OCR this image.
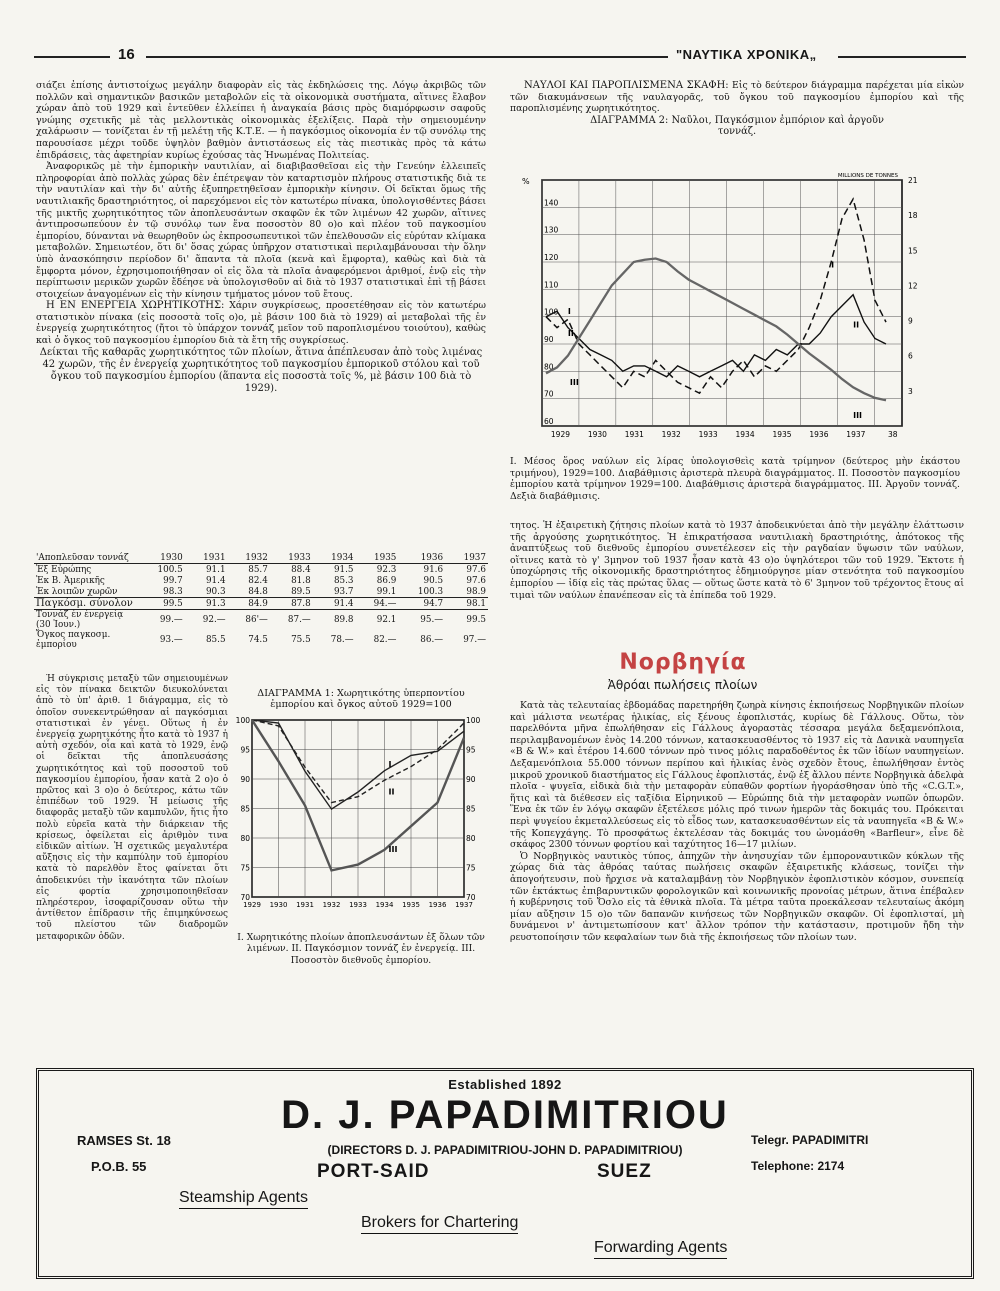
16	"ΝΑΥΤΙΚΑ ΧΡΟΝΙΚΑ„

σιάζει ἐπίσης ἀντιστοίχως μεγάλην διαφορὰν εἰς τὰς ἐκδηλώσεις της. Λόγῳ ἀκριβῶς τῶν πολλῶν καὶ σημαντικῶν βασικῶν μεταβολῶν εἰς τὰ οἰκονομικὰ συστήματα, αἵτινες ἔλαβον χώραν ἀπὸ τοῦ 1929 καὶ ἐντεῦθεν ἐλλείπει ἡ ἀναγκαία βάσις πρὸς διαμόρφωσιν σαφοῦς γνώμης σχετικῆς μὲ τὰς μελλοντικὰς οἰκονομικὰς ἐξελίξεις. Παρὰ τὴν σημειουμένην χαλάρωσιν — τονίζεται ἐν τῇ μελέτῃ τῆς Κ.Τ.Ε. — ἡ παγκόσμιος οἰκονομία ἐν τῷ συνόλῳ της παρουσίασε μέχρι τοῦδε ὑψηλὸν βαθμὸν ἀντιστάσεως εἰς τὰς πιεστικὰς πρὸς τὰ κάτω ἐπιδράσεις, τὰς ἀφετηρίαν κυρίως ἐχούσας τὰς Ἡνωμένας Πολιτείας.

Ἀναφορικῶς μὲ τὴν ἐμπορικὴν ναυτιλίαν, αἱ διαβιβασθεῖσαι εἰς τὴν Γενεύην ἐλλειπεῖς πληροφορίαι ἀπὸ πολλὰς χώρας δὲν ἐπέτρεψαν τὸν καταρτισμὸν πλήρους στατιστικῆς διὰ τε τὴν ναυτιλίαν καὶ τὴν δι' αὐτῆς ἐξυπηρετηθεῖσαν ἐμπορικὴν κίνησιν. Οἱ δεῖκται ὅμως τῆς ναυτιλιακῆς δραστηριότητος, οἱ παρεχόμενοι εἰς τὸν κατωτέρω πίνακα, ὑπολογισθέντες βάσει τῆς μικτῆς χωρητικότητος τῶν ἀποπλευσάντων σκαφῶν ἐκ τῶν λιμένων 42 χωρῶν, αἵτινες ἀντιπροσωπεύουν ἐν τῷ συνόλῳ των ἕνα ποσοστὸν 80 ο)ο καὶ πλέον τοῦ παγκοσμίου ἐμπορίου, δύνανται νὰ θεωρηθοῦν ὡς ἐκπροσωπευτικοὶ τῶν ἐπελθουσῶν εἰς εὐρύταν κλίμακα μεταβολῶν. Σημειωτέον, ὅτι δι' ὅσας χώρας ὑπῆρχον στατιστικαὶ περιλαμβάνουσαι τὴν ὅλην ὑπὸ ἀνασκόπησιν περίοδον δι' ἅπαντα τὰ πλοῖα (κενὰ καὶ ἔμφορτα), καθὼς καὶ διὰ τὰ ἔμφορτα μόνον, ἐχρησιμοποιήθησαν οἱ εἰς ὅλα τὰ πλοῖα ἀναφερόμενοι ἀριθμοί, ἐνῷ εἰς τὴν περίπτωσιν μερικῶν χωρῶν ἔδέησε νὰ ὑπολογισθοῦν αἱ διὰ τὸ 1937 στατιστικαὶ ἐπὶ τῇ βάσει στοιχείων ἀναγομένων εἰς τὴν κίνησιν τμήματος μόνον τοῦ ἔτους.

Η ΕΝ ΕΝΕΡΓΕΙΑ ΧΩΡΗΤΙΚΟΤΗΣ: Χάριν συγκρίσεως, προσετέθησαν εἰς τὸν κατωτέρω στατιστικὸν πίνακα (εἰς ποσοστὰ τοῖς ο)ο, μὲ βάσιν 100 διὰ τὸ 1929) αἱ μεταβολαὶ τῆς ἐν ἐνεργείᾳ χωρητικότητος (ἤτοι τὸ ὑπάρχον τοννάζ μεῖον τοῦ παροπλισμένου τοιούτου), καθὼς καὶ ὁ ὄγκος τοῦ παγκοσμίου ἐμπορίου διὰ τὰ ἔτη τῆς συγκρίσεως.

Δείκται τῆς καθαρᾶς χωρητικότητος τῶν πλοίων, ἅτινα ἀπέπλευσαν ἀπὸ τοὺς λιμένας 42 χωρῶν, τῆς ἐν ἐνεργείᾳ χωρητικότητος τοῦ παγκοσμίου ἐμπορικοῦ στόλου καὶ τοῦ ὄγκου τοῦ παγκοσμίου ἐμπορίου (ἅπαντα εἰς ποσοστὰ τοῖς %, μὲ βάσιν 100 διὰ τὸ 1929).

'Αποπλεῦσαν τοννάζ	1930	1931	1932	1933	1934	1935	1936	1937
Ἐξ Εὐρώπης	100.5	91.1	85.7	88.4	91.5	92.3	91.6	97.6
Ἐκ Β. Ἀμερικῆς	99.7	91.4	82.4	81.8	85.3	86.9	90.5	97.6
Ἐκ λοιπῶν χωρῶν	98.3	90.3	84.8	89.5	93.7	99.1	100.3	98.9
Παγκόσμ. σύνολον	99.5	91.3	84.9	87.8	91.4	94.—	94.7	98.1
Τοννάζ ἐν ἐνεργείᾳ (30 Ἰουν.)	99.—	92.—	86'—	87.—	89.8	92.1	95.—	99.5
Ὄγκος παγκοσμ. ἐμπορίου	93.—	85.5	74.5	75.5	78.—	82.—	86.—	97.—

Ἡ σύγκρισις μεταξὺ τῶν σημειουμένων εἰς τὸν πίνακα δεικτῶν διευκολύνεται ἀπὸ τὸ ὑπ' ἀριθ. 1 διάγραμμα, εἰς τὸ ὁποῖον συνεκεντρώθησαν αἱ παγκόσμιαι στατιστικαὶ ἐν γένει. Οὕτως ἡ ἐν ἐνεργείᾳ χωρητικότης ἦτο κατὰ τὸ 1937 ἡ αὐτὴ σχεδόν, οἷα καὶ κατὰ τὸ 1929, ἐνῷ οἱ δεῖκται τῆς ἀποπλευσάσης χωρητικότητος καὶ τοῦ ποσοστοῦ τοῦ παγκοσμίου ἐμπορίου, ἦσαν κατὰ 2 ο)ο ὁ πρῶτος καὶ 3 ο)ο ὁ δεύτερος, κάτω τῶν ἐπιπέδων τοῦ 1929. Ἡ μείωσις τῆς διαφορᾶς μεταξὺ τῶν καμπυλῶν, ἥτις ἦτο πολὺ εὐρεῖα κατὰ τὴν διάρκειαν τῆς κρίσεως, ὀφείλεται εἰς ἀριθμὸν τινα εἰδικῶν αἰτίων. Ἡ σχετικῶς μεγαλυτέρα αὔξησις εἰς τὴν καμπύλην τοῦ ἐμπορίου κατὰ τὸ παρελθὸν ἔτος φαίνεται ὅτι ἀποδεικνύει τὴν ἱκανότητα τῶν πλοίων εἰς φορτία χρησιμοποιηθεῖσαν πληρέστερον, ἰσοφαρίζουσαν οὕτω τὴν ἀντίθετον ἐπίδρασιν τῆς ἐπιμηκύνσεως τοῦ πλείστου τῶν διαδρομῶν μεταφορικῶν ὁδῶν.

ΔΙΑΓΡΑΜΜΑ 1: Χωρητικότης ὑπερποντίου ἐμπορίου καὶ ὄγκος αὐτοῦ 1929=100
70	70
75	75
80	80
85	85
90	90
95	95
100	100
1929 1930 1931 1932 1933 1934 1935 1936 1937
I
II
III
I. Χωρητικότης πλοίων ἀποπλευσάντων ἐξ ὅλων τῶν λιμένων. II. Παγκόσμιον τοννάζ ἐν ἐνεργείᾳ. III. Ποσοστὸν διεθνοῦς ἐμπορίου.

ΝΑΥΛΟΙ ΚΑΙ ΠΑΡΟΠΛΙΣΜΕΝΑ ΣΚΑΦΗ: Εἰς τὸ δεύτερον διάγραμμα παρέχεται μία εἰκὼν τῶν διακυμάνσεων τῆς ναυλαγορᾶς, τοῦ ὄγκου τοῦ παγκοσμίου ἐμπορίου καὶ τῆς παροπλισμένης χωρητικότητος.

ΔΙΑΓΡΑΜΜΑ 2: Ναῦλοι, Παγκόσμιον ἐμπόριον καὶ ἀργοῦν τοννάζ.

%
MILLIONS DE TONNES
60
70
80
90
100
110
120
130
140
3
6
9
12
15
18
21
1929 1930 1931 1932 1933 1934 1935 1936 1937	38
I
II
III
II
III
I

I. Μέσος ὅρος ναύλων εἰς λίρας ὑπολογισθεὶς κατὰ τρίμηνον (δεύτερος μὴν ἑκάστου τριμήνου), 1929=100. Διαβάθμισις ἀριστερὰ πλευρὰ διαγράμματος. II. Ποσοστὸν παγκοσμίου ἐμπορίου κατὰ τρίμηνον 1929=100. Διαβάθμισις ἀριστερὰ διαγράμματος. III. Ἀργοῦν τοννάζ. Δεξιὰ διαβάθμισις.

τητος. Ἡ ἐξαιρετικὴ ζήτησις πλοίων κατὰ τὸ 1937 ἀποδεικνύεται ἀπὸ τὴν μεγάλην ἐλάττωσιν τῆς ἀργούσης χωρητικότητος. Ἡ ἐπικρατήσασα ναυτιλιακὴ δραστηριότης, ἀπότοκος τῆς ἀναπτύξεως τοῦ διεθνοῦς ἐμπορίου συνετέλεσεν εἰς τὴν ραγδαίαν ὕψωσιν τῶν ναύλων, οἵτινες κατὰ τὸ γ' 3μηνον τοῦ 1937 ἦσαν κατὰ 43 ο)ο ὑψηλότεροι τῶν τοῦ 1929. Ἔκτοτε ἡ ὑποχώρησις τῆς οἰκονομικῆς δραστηριότητος ἐδημιούργησε μίαν στενότητα τοῦ παγκοσμίου ἐμπορίου — ἰδίᾳ εἰς τὰς πρώτας ὕλας — οὕτως ὥστε κατὰ τὸ 6' 3μηνον τοῦ τρέχοντος ἔτους αἱ τιμαὶ τῶν ναύλων ἐπανέπεσαν εἰς τὰ ἐπίπεδα τοῦ 1929.

Νορβηγία
Ἀθρόαι πωλήσεις πλοίων

Κατὰ τὰς τελευταίας ἑβδομάδας παρετηρήθη ζωηρὰ κίνησις ἐκποιήσεως Νορβηγικῶν πλοίων καὶ μάλιστα νεωτέρας ἡλικίας, εἰς ξένους ἐφοπλιστάς, κυρίως δὲ Γάλλους. Οὕτω, τὸν παρελθόντα μῆνα ἐπωλήθησαν εἰς Γάλλους ἀγοραστὰς τέσσαρα μεγάλα δεξαμενόπλοια, περιλαμβανομένων ἑνὸς 14.200 τόννων, κατασκευασθέντος τὸ 1937 εἰς τὰ Δανικὰ ναυπηγεῖα «B & W.» καὶ ἑτέρου 14.600 τόννων πρὸ τινος μόλις παραδοθέντος ἐκ τῶν ἰδίων ναυπηγείων. Δεξαμενόπλοια 55.000 τόννων περίπου καὶ ἡλικίας ἑνὸς σχεδὸν ἔτους, ἐπωλήθησαν ἐντὸς μικροῦ χρονικοῦ διαστήματος εἰς Γάλλους ἐφοπλιστάς, ἐνῷ ἐξ ἄλλου πέντε Νορβηγικὰ ἀδελφὰ πλοῖα - ψυγεῖα, εἰδικὰ διὰ τὴν μεταφορὰν εὐπαθῶν φορτίων ἠγοράσθησαν ὑπὸ τῆς «C.G.T.», ἥτις καὶ τὰ διέθεσεν εἰς ταξίδια Εἰρηνικοῦ — Εὐρώπης διὰ τὴν μεταφορὰν νωπῶν ὀπωρῶν. Ἕνα ἐκ τῶν ἐν λόγῳ σκαφῶν ἐξετέλεσε μόλις πρό τινων ἡμερῶν τὰς δοκιμάς του. Πρόκειται περὶ ψυγείου ἐκμεταλλεύσεως εἰς τὸ εἶδος των, κατασκευασθέντων εἰς τὰ ναυπηγεῖα «B & W.» τῆς Κοπεγχάγης. Τὸ προσφάτως ἐκτελέσαν τὰς δοκιμάς του ὠνομάσθη «Barfleur», εἶνε δὲ σκάφος 2300 τόννων φορτίου καὶ ταχύτητος 16—17 μιλίων.

Ὁ Νορβηγικὸς ναυτικὸς τύπος, ἀπηχῶν τὴν ἀνησυχίαν τῶν ἐμποροναυτικῶν κύκλων τῆς χώρας διὰ τὰς ἀθρόας ταύτας πωλήσεις σκαφῶν ἐξαιρετικῆς κλάσεως, τονίζει τὴν ἀπογοήτευσιν, ποὺ ἤρχισε νὰ καταλαμβάνῃ τὸν Νορβηγικὸν ἐφοπλιστικὸν κόσμον, συνεπείᾳ τῶν ἐκτάκτως ἐπιβαρυντικῶν φορολογικῶν καὶ κοινωνικῆς προνοίας μέτρων, ἅτινα ἐπέβαλεν ἡ κυβέρνησις τοῦ Ὄσλο εἰς τὰ ἐθνικὰ πλοῖα. Τὰ μέτρα ταῦτα προεκάλεσαν τελευταίως ἀκόμη μίαν αὔξησιν 15 ο)ο τῶν δαπανῶν κινήσεως τῶν Νορβηγικῶν σκαφῶν. Οἱ ἐφοπλισταί, μὴ δυνάμενοι ν' ἀντιμετωπίσουν κατ' ἄλλον τρόπον τὴν κατάστασιν, προτιμοῦν ἤδη τὴν ρευστοποίησιν τῶν κεφαλαίων των διὰ τῆς ἐκποιήσεως τῶν πλοίων των.

Established 1892
D. J. PAPADIMITRIOU
(DIRECTORS D. J. PAPADIMITRIOU-JOHN D. PAPADIMITRIOU)
RAMSES St. 18
P.O.B. 55	PORT-SAID	SUEZ
Telegr. PAPADIMITRI
Telephone: 2174
Steamship Agents
Brokers for Chartering
Forwarding Agents
